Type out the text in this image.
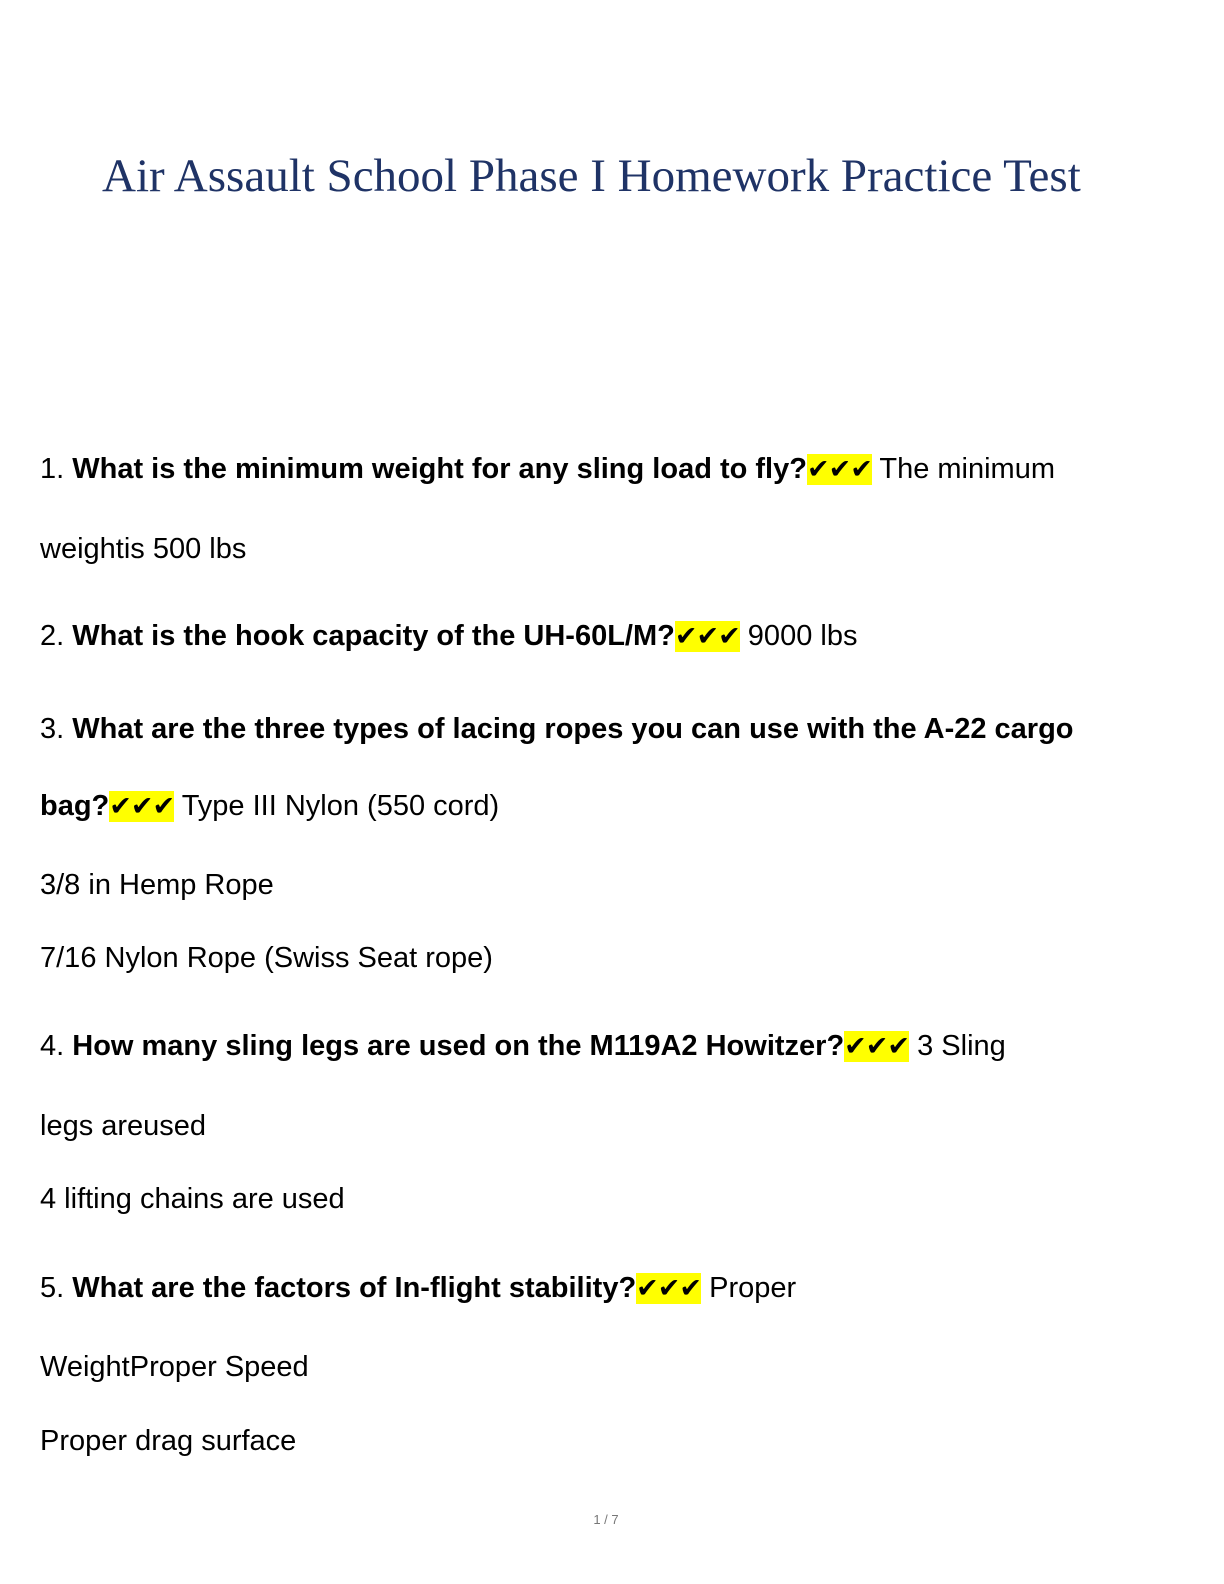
Air Assault School Phase I Homework Practice Test
1. What is the minimum weight for any sling load to fly?✔✔✔ The minimum
weightis 500 lbs
2. What is the hook capacity of the UH-60L/M?✔✔✔ 9000 lbs
3. What are the three types of lacing ropes you can use with the A-22 cargo
bag?✔✔✔ Type III Nylon (550 cord)
3/8 in Hemp Rope
7/16 Nylon Rope (Swiss Seat rope)
4. How many sling legs are used on the M119A2 Howitzer?✔✔✔ 3 Sling
legs areused
4 lifting chains are used
5. What are the factors of In-flight stability?✔✔✔ Proper
WeightProper Speed
Proper drag surface
1 / 7
